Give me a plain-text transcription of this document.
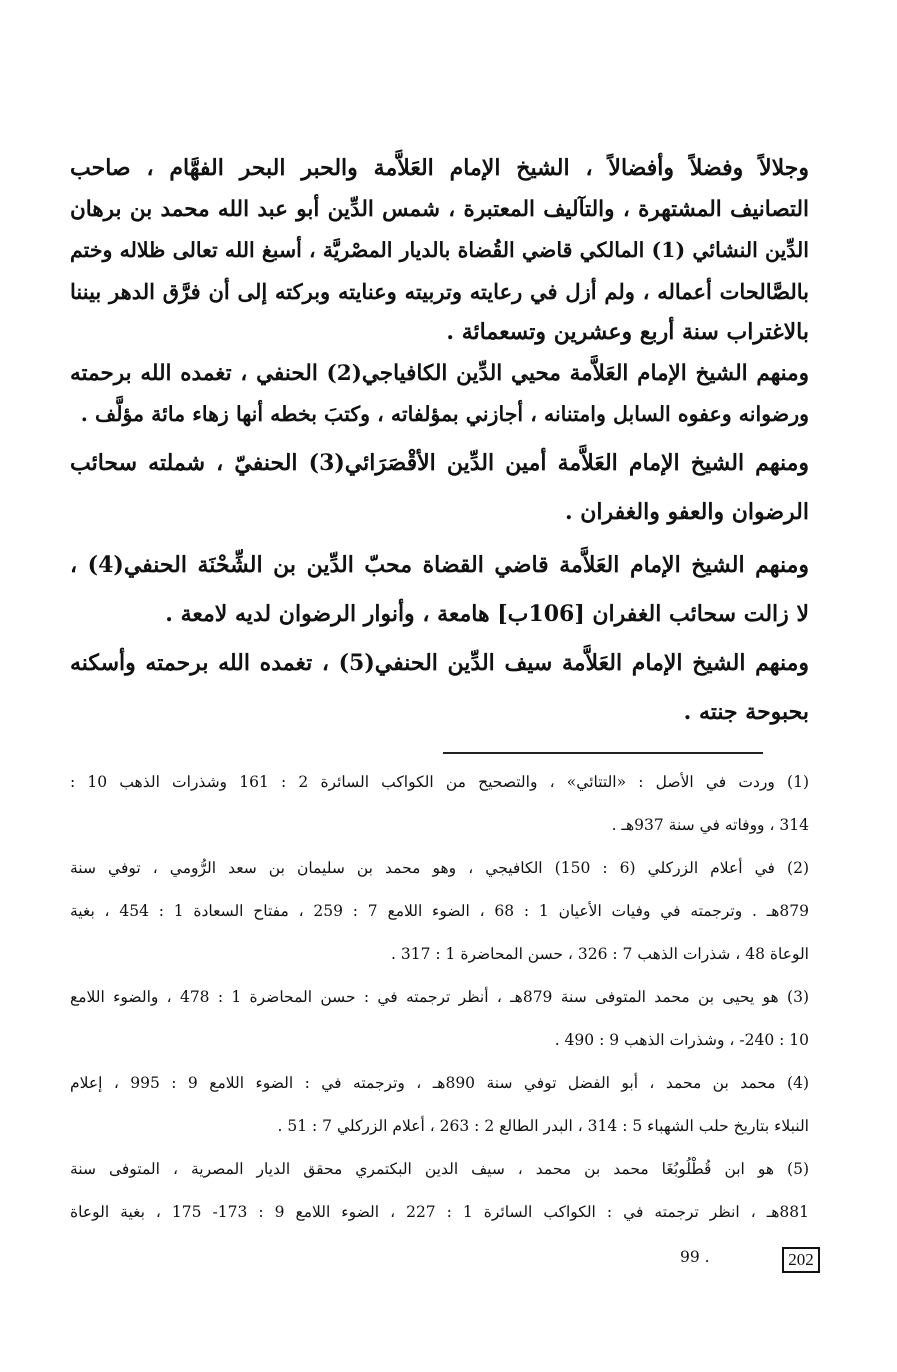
وجلالاً وفضلاً وأفضالاً ، الشيخ الإمام العَلاَّمة والحبر البحر الفهَّام ، صاحب
التصانيف المشتهرة ، والتآليف المعتبرة ، شمس الدِّين أبو عبد الله محمد بن برهان
الدِّين النشائي (1) المالكي قاضي القُضاة بالديار المصْريَّة ، أسبغ الله تعالى ظلاله وختم
بالصَّالحات أعماله ، ولم أزل في رعايته وتربيته وعنايته وبركته إلى أن فرَّق الدهر بيننا
بالاغتراب سنة أربع وعشرين وتسعمائة .
ومنهم الشيخ الإمام العَلاَّمة محيي الدِّين الكافياجي(2) الحنفي ، تغمده الله برحمته
ورضوانه وعفوه السابل وامتنانه ، أجازني بمؤلفاته ، وكتبَ بخطه أنها زهاء مائة مؤلَّف .
ومنهم الشيخ الإمام العَلاَّمة أمين الدِّين الأقْصَرَائي(3) الحنفيّ ، شملته سحائب
الرضوان والعفو والغفران .
ومنهم الشيخ الإمام العَلاَّمة قاضي القضاة محبّ الدِّين بن الشِّحْنَة الحنفي(4) ،
لا زالت سحائب الغفران [106ب] هامعة ، وأنوار الرضوان لديه لامعة .
ومنهم الشيخ الإمام العَلاَّمة سيف الدِّين الحنفي(5) ، تغمده الله برحمته وأسكنه
بحبوحة جنته .
(1) وردت في الأصل : «التتائي» ، والتصحيح من الكواكب السائرة 2 : 161 وشذرات الذهب 10 :
314 ، ووفاته في سنة 937هـ .
(2) في أعلام الزركلي (6 : 150) الكافيجي ، وهو محمد بن سليمان بن سعد الرُّومي ، توفي سنة
879هـ . وترجمته في وفيات الأعيان 1 : 68 ، الضوء اللامع 7 : 259 ، مفتاح السعادة 1 : 454 ، بغية
الوعاة 48 ، شذرات الذهب 7 : 326 ، حسن المحاضرة 1 : 317 .
(3) هو يحيى بن محمد المتوفى سنة 879هـ ، أنظر ترجمته في : حسن المحاضرة 1 : 478 ، والضوء اللامع
10 : 240- ، وشذرات الذهب 9 : 490 .
(4) محمد بن محمد ، أبو الفضل توفي سنة 890هـ ، وترجمته في : الضوء اللامع 9 : 995 ، إعلام
النبلاء بتاريخ حلب الشهباء 5 : 314 ، البدر الطالع 2 : 263 ، أعلام الزركلي 7 : 51 .
(5) هو ابن قُطْلُوبُغَا محمد بن محمد ، سيف الدين البكتمري محقق الديار المصرية ، المتوفى سنة
881هـ ، انظر ترجمته في : الكواكب السائرة 1 : 227 ، الضوء اللامع 9 : 173- 175 ، بغية الوعاة
. 99	202
